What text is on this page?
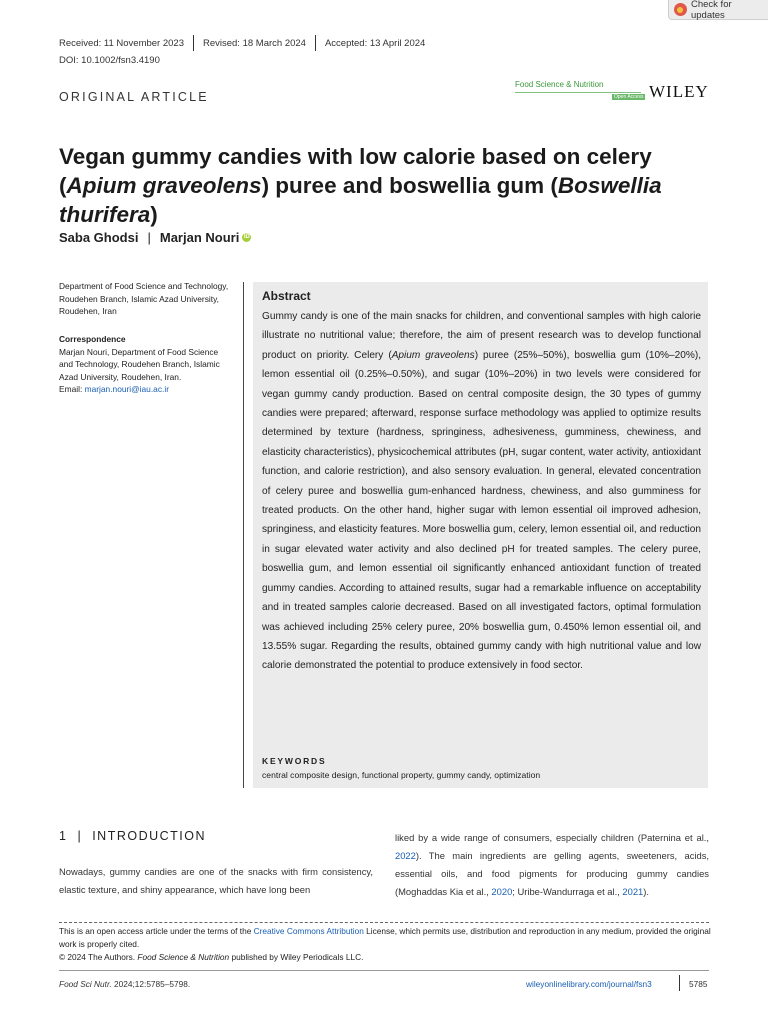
Check for updates
Received: 11 November 2023 Revised: 18 March 2024 Accepted: 13 April 2024
DOI: 10.1002/fsn3.4190
ORIGINAL ARTICLE
Food Science & Nutrition
Open Access WILEY
Vegan gummy candies with low calorie based on celery (Apium graveolens) puree and boswellia gum (Boswellia thurifera)
Saba Ghodsi | Marjan Nouri iD
Department of Food Science and Technology, Roudehen Branch, Islamic Azad University, Roudehen, Iran
Correspondence
Marjan Nouri, Department of Food Science and Technology, Roudehen Branch, Islamic Azad University, Roudehen, Iran.
Email: marjan.nouri@iau.ac.ir
Abstract
Gummy candy is one of the main snacks for children, and conventional samples with high calorie illustrate no nutritional value; therefore, the aim of present research was to develop functional product on priority. Celery (Apium graveolens) puree (25%–50%), boswellia gum (10%–20%), lemon essential oil (0.25%–0.50%), and sugar (10%–20%) in two levels were considered for vegan gummy candy production. Based on central composite design, the 30 types of gummy candies were prepared; afterward, response surface methodology was applied to optimize results determined by texture (hardness, springiness, adhesiveness, gumminess, chewiness, and elasticity characteristics), physicochemical attributes (pH, sugar content, water activity, antioxidant function, and calorie restriction), and also sensory evaluation. In general, elevated concentration of celery puree and boswellia gum-enhanced hardness, chewiness, and also gumminess for treated products. On the other hand, higher sugar with lemon essential oil improved adhesion, springiness, and elasticity features. More boswellia gum, celery, lemon essential oil, and reduction in sugar elevated water activity and also declined pH for treated samples. The celery puree, boswellia gum, and lemon essential oil significantly enhanced antioxidant function of treated gummy candies. According to attained results, sugar had a remarkable influence on acceptability and in treated samples calorie decreased. Based on all investigated factors, optimal formulation was achieved including 25% celery puree, 20% boswellia gum, 0.450% lemon essential oil, and 13.55% sugar. Regarding the results, obtained gummy candy with high nutritional value and low calorie demonstrated the potential to produce extensively in food sector.
KEYWORDS
central composite design, functional property, gummy candy, optimization
1 | INTRODUCTION
Nowadays, gummy candies are one of the snacks with firm consistency, elastic texture, and shiny appearance, which have long been
liked by a wide range of consumers, especially children (Paternina et al., 2022). The main ingredients are gelling agents, sweeteners, acids, essential oils, and food pigments for producing gummy candies (Moghaddas Kia et al., 2020; Uribe-Wandurraga et al., 2021).
This is an open access article under the terms of the Creative Commons Attribution License, which permits use, distribution and reproduction in any medium, provided the original work is properly cited.
© 2024 The Authors. Food Science & Nutrition published by Wiley Periodicals LLC.
Food Sci Nutr. 2024;12:5785–5798.	wileyonlinelibrary.com/journal/fsn3	5785
